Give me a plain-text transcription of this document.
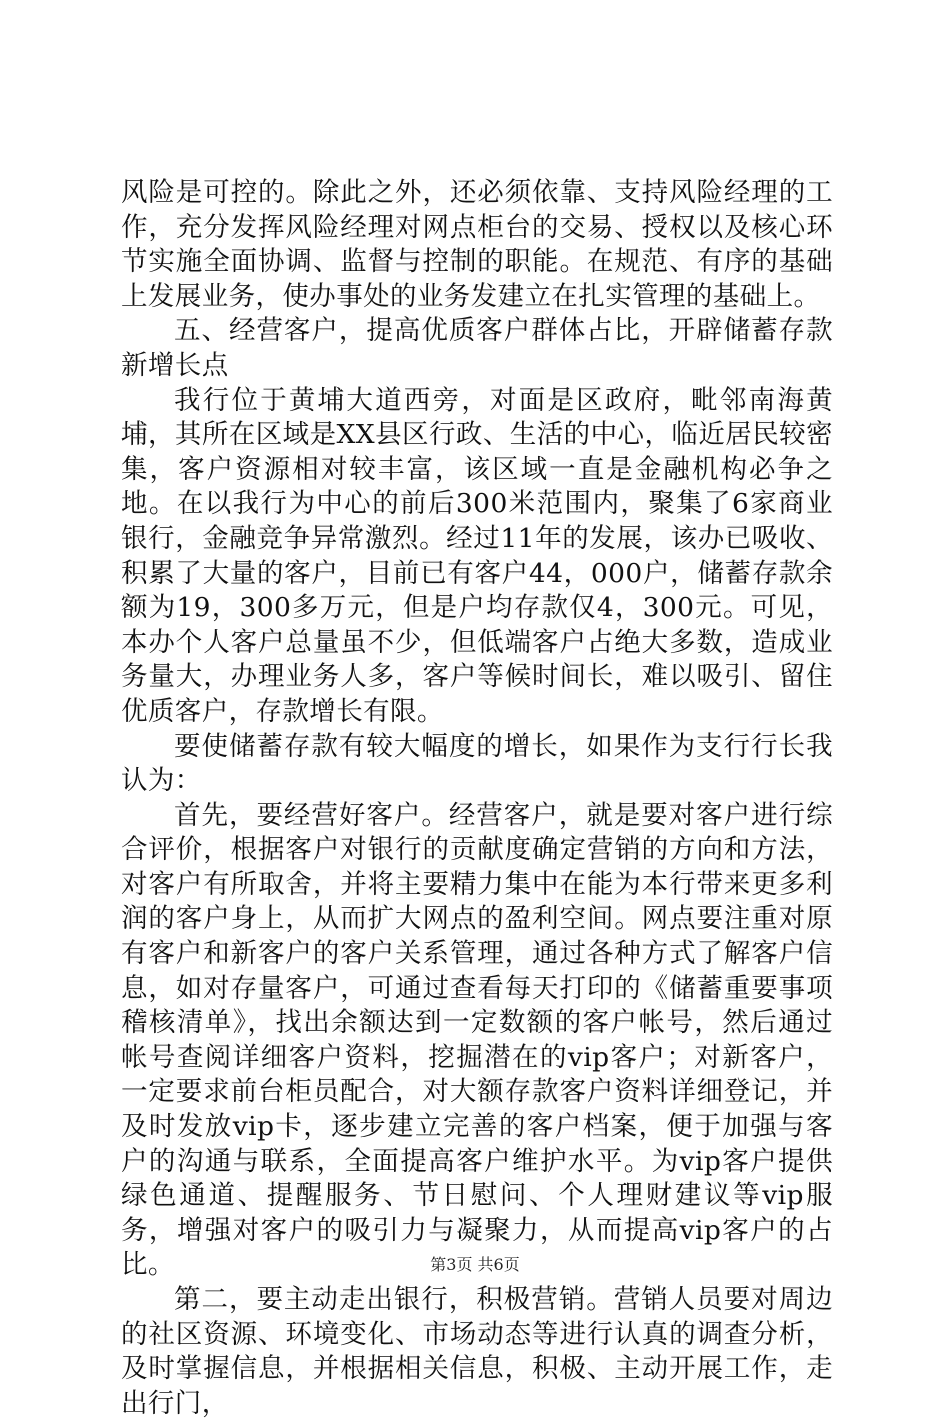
风险是可控的。除此之外，还必须依靠、支持风险经理的工作，充分发挥风险经理对网点柜台的交易、授权以及核心环节实施全面协调、监督与控制的职能。在规范、有序的基础上发展业务，使办事处的业务发建立在扎实管理的基础上。

五、经营客户，提高优质客户群体占比，开辟储蓄存款新增长点

我行位于黄埔大道西旁，对面是区政府，毗邻南海黄埔，其所在区域是XX县区行政、生活的中心，临近居民较密集，客户资源相对较丰富，该区域一直是金融机构必争之地。在以我行为中心的前后300米范围内，聚集了6家商业银行，金融竞争异常激烈。经过11年的发展，该办已吸收、积累了大量的客户，目前已有客户44，000户，储蓄存款余额为19，300多万元，但是户均存款仅4，300元。可见，本办个人客户总量虽不少，但低端客户占绝大多数，造成业务量大，办理业务人多，客户等候时间长，难以吸引、留住优质客户，存款增长有限。

要使储蓄存款有较大幅度的增长，如果作为支行行长我认为：

首先，要经营好客户。经营客户，就是要对客户进行综合评价，根据客户对银行的贡献度确定营销的方向和方法，对客户有所取舍，并将主要精力集中在能为本行带来更多利润的客户身上，从而扩大网点的盈利空间。网点要注重对原有客户和新客户的客户关系管理，通过各种方式了解客户信息，如对存量客户，可通过查看每天打印的《储蓄重要事项稽核清单》，找出余额达到一定数额的客户帐号，然后通过帐号查阅详细客户资料，挖掘潜在的vip客户；对新客户，一定要求前台柜员配合，对大额存款客户资料详细登记，并及时发放vip卡，逐步建立完善的客户档案，便于加强与客户的沟通与联系，全面提高客户维护水平。为vip客户提供绿色通道、提醒服务、节日慰问、个人理财建议等vip服务，增强对客户的吸引力与凝聚力，从而提高vip客户的占比。

第二，要主动走出银行，积极营销。营销人员要对周边的社区资源、环境变化、市场动态等进行认真的调查分析，及时掌握信息，并根据相关信息，积极、主动开展工作，走出行门，

第3页 共6页
